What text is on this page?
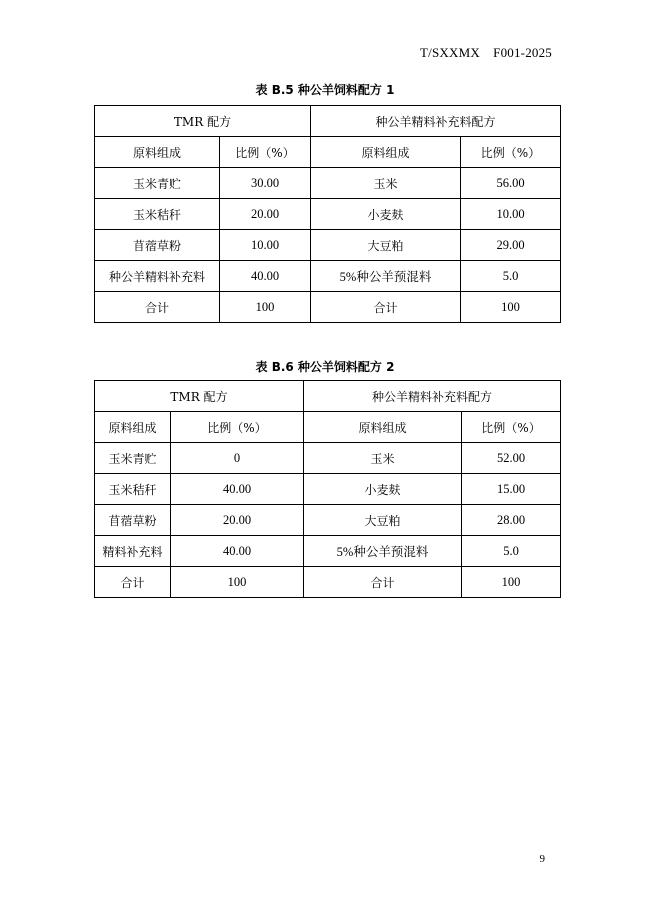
T/SXXMX　F001-2025
表 B.5 种公羊饲料配方 1
TMR 配方		种公羊精料补充料配方	
原料组成	比例（%）	原料组成	比例（%）
玉米青贮	30.00	玉米	56.00
玉米秸秆	20.00	小麦麸	10.00
苜蓿草粉	10.00	大豆粕	29.00
种公羊精料补充料	40.00	5%种公羊预混料	5.0
合计	100	合计	100
表 B.6 种公羊饲料配方 2
TMR 配方		种公羊精料补充料配方	
原料组成	比例（%）	原料组成	比例（%）
玉米青贮	0	玉米	52.00
玉米秸秆	40.00	小麦麸	15.00
苜蓿草粉	20.00	大豆粕	28.00
精料补充料	40.00	5%种公羊预混料	5.0
合计	100	合计	100
9
